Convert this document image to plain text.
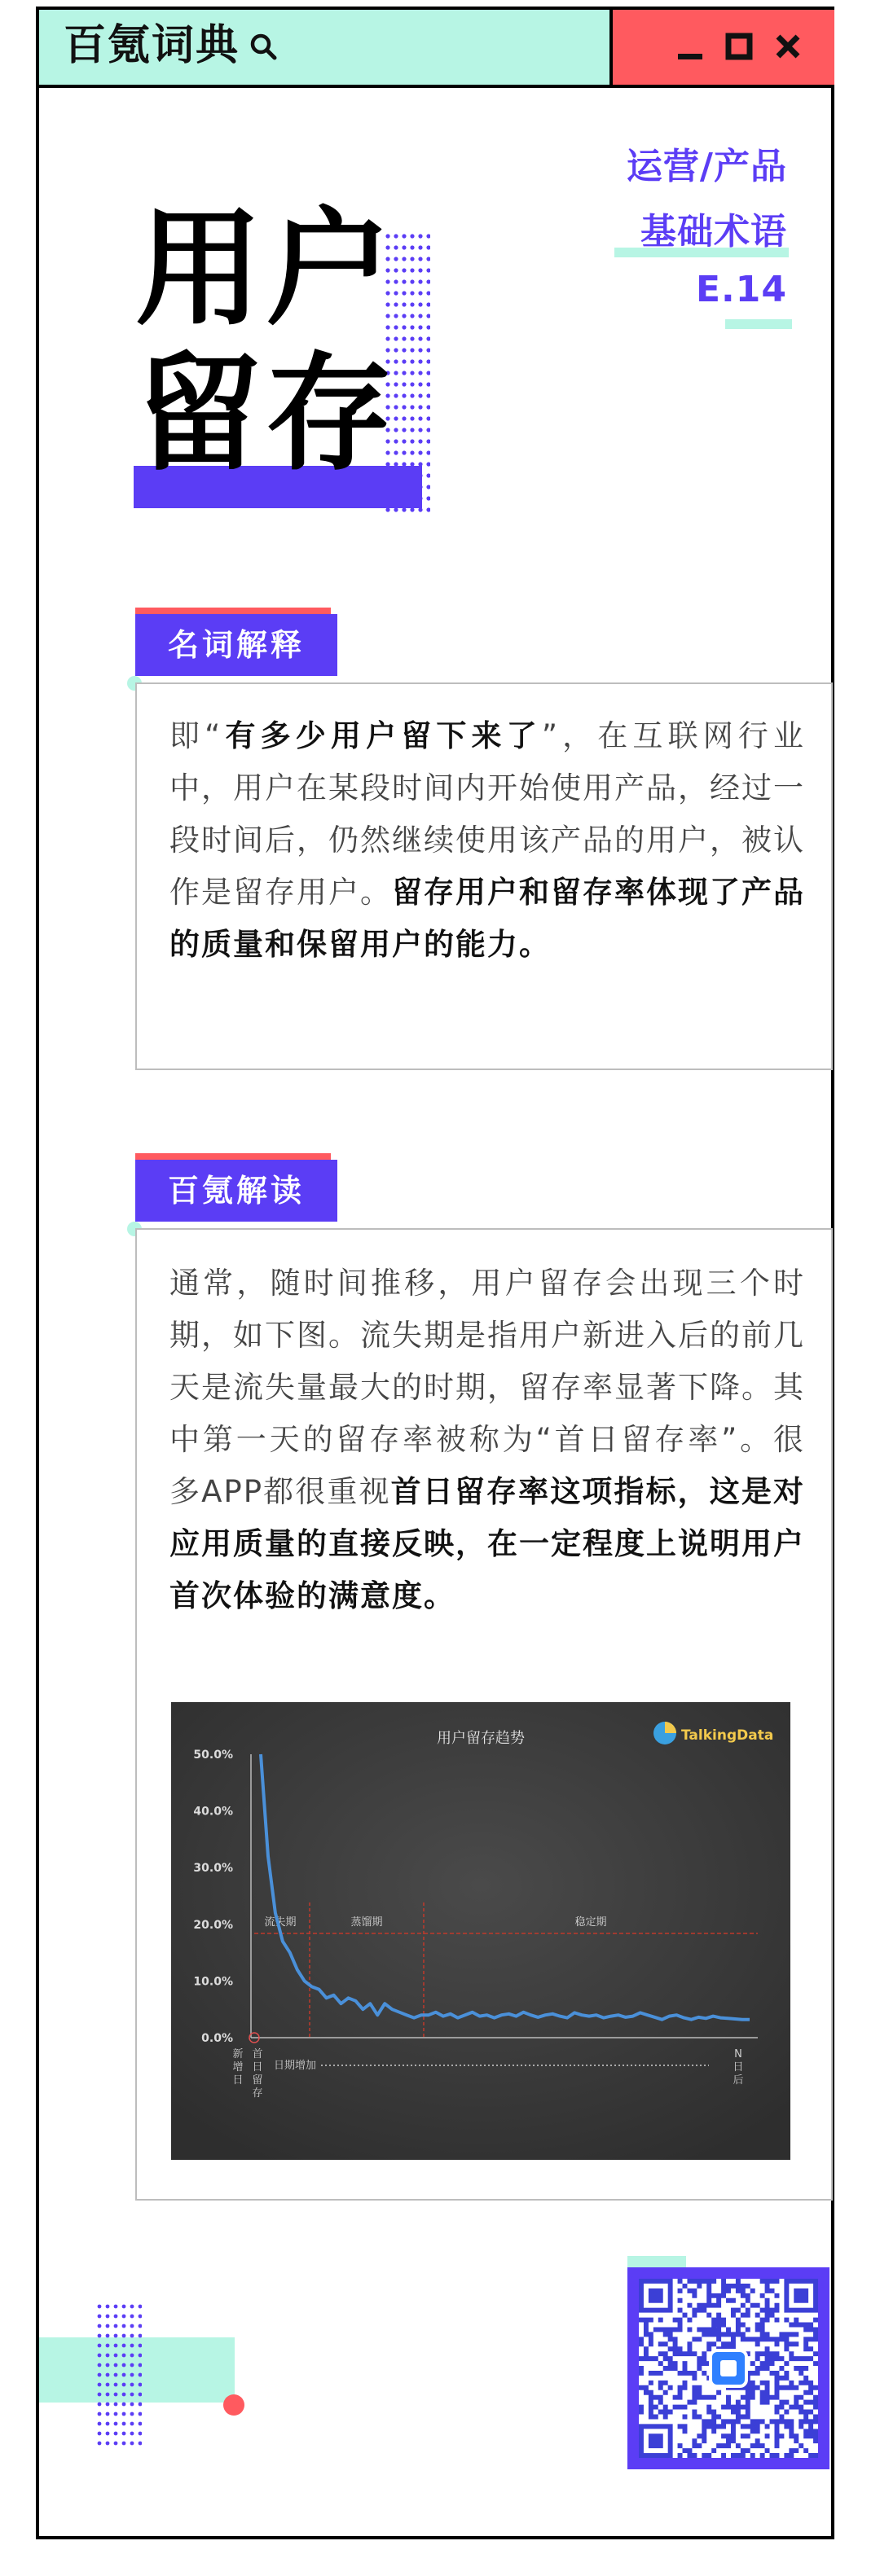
百氪词典
运营/产品
基础术语
E.14
用户
留存
名词解释
即“有多少用户留下来了”，在互联网行业中，用户在某段时间内开始使用产品，经过一段时间后，仍然继续使用该产品的用户，被认作是留存用户。留存用户和留存率体现了产品的质量和保留用户的能力。
百氪解读
通常，随时间推移，用户留存会出现三个时期，如下图。流失期是指用户新进入后的前几天是流失量最大的时期，留存率显著下降。其中第一天的留存率被称为“首日留存率”。很多APP都很重视首日留存率这项指标，这是对应用质量的直接反映，在一定程度上说明用户首次体验的满意度。
用户留存趋势	TalkingData
0.0%
10.0%
20.0%
30.0%
40.0%
50.0%
流失期	蒸馏期	稳定期
新增日
首日留存
N 日后
日期增加
